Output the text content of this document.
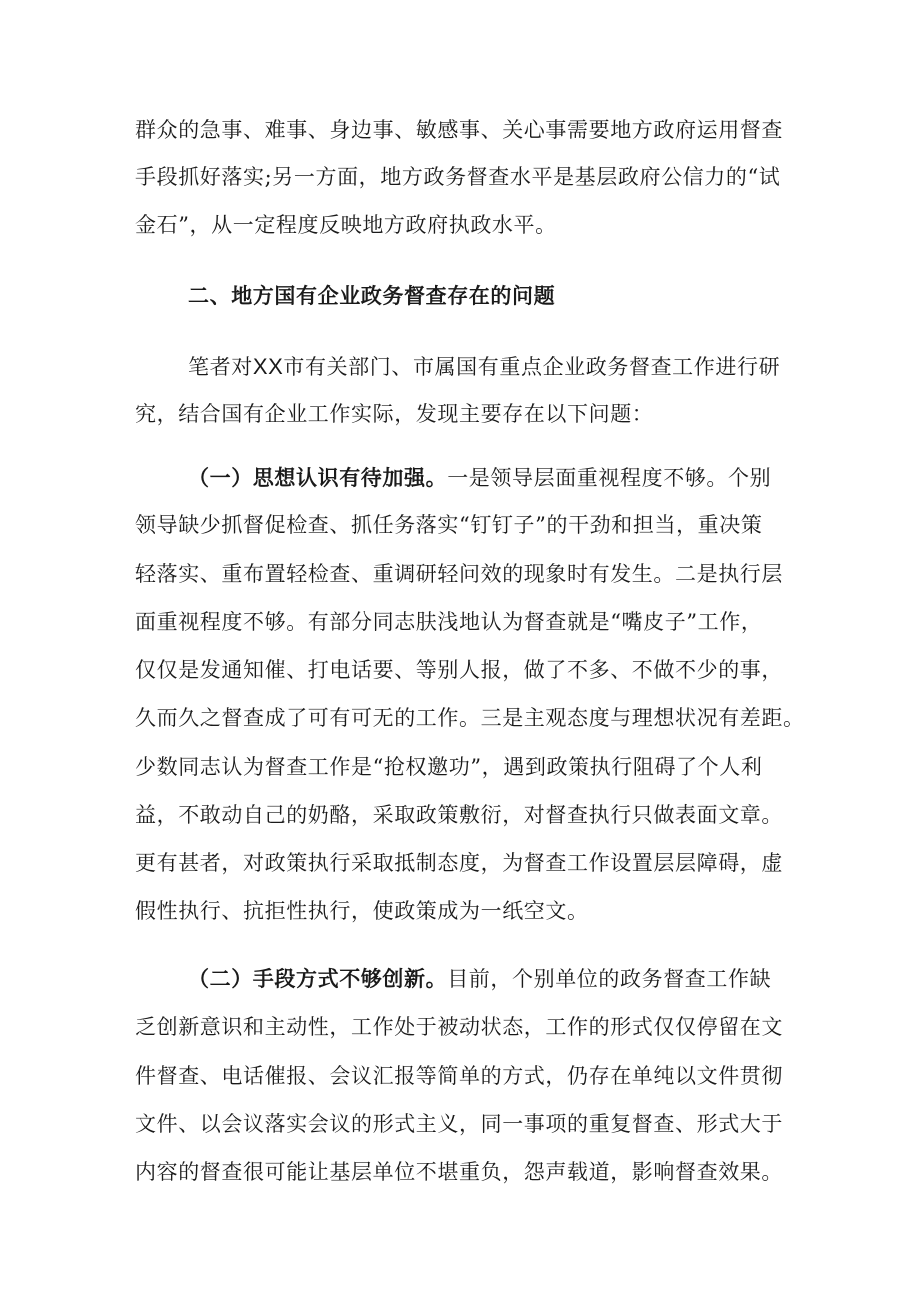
群众的急事、难事、身边事、敏感事、关心事需要地方政府运用督查
手段抓好落实;另一方面，地方政务督查水平是基层政府公信力的“试
金石”，从一定程度反映地方政府执政水平。
二、地方国有企业政务督查存在的问题
笔者对XX市有关部门、市属国有重点企业政务督查工作进行研
究，结合国有企业工作实际，发现主要存在以下问题：
（一）思想认识有待加强。一是领导层面重视程度不够。个别
领导缺少抓督促检查、抓任务落实“钉钉子”的干劲和担当，重决策
轻落实、重布置轻检查、重调研轻问效的现象时有发生。二是执行层
面重视程度不够。有部分同志肤浅地认为督查就是“嘴皮子”工作，
仅仅是发通知催、打电话要、等别人报，做了不多、不做不少的事，
久而久之督查成了可有可无的工作。三是主观态度与理想状况有差距。
少数同志认为督查工作是“抢权邀功”，遇到政策执行阻碍了个人利
益，不敢动自己的奶酪，采取政策敷衍，对督查执行只做表面文章。
更有甚者，对政策执行采取抵制态度，为督查工作设置层层障碍，虚
假性执行、抗拒性执行，使政策成为一纸空文。
（二）手段方式不够创新。目前，个别单位的政务督查工作缺
乏创新意识和主动性，工作处于被动状态，工作的形式仅仅停留在文
件督查、电话催报、会议汇报等简单的方式，仍存在单纯以文件贯彻
文件、以会议落实会议的形式主义，同一事项的重复督查、形式大于
内容的督查很可能让基层单位不堪重负，怨声载道，影响督查效果。
